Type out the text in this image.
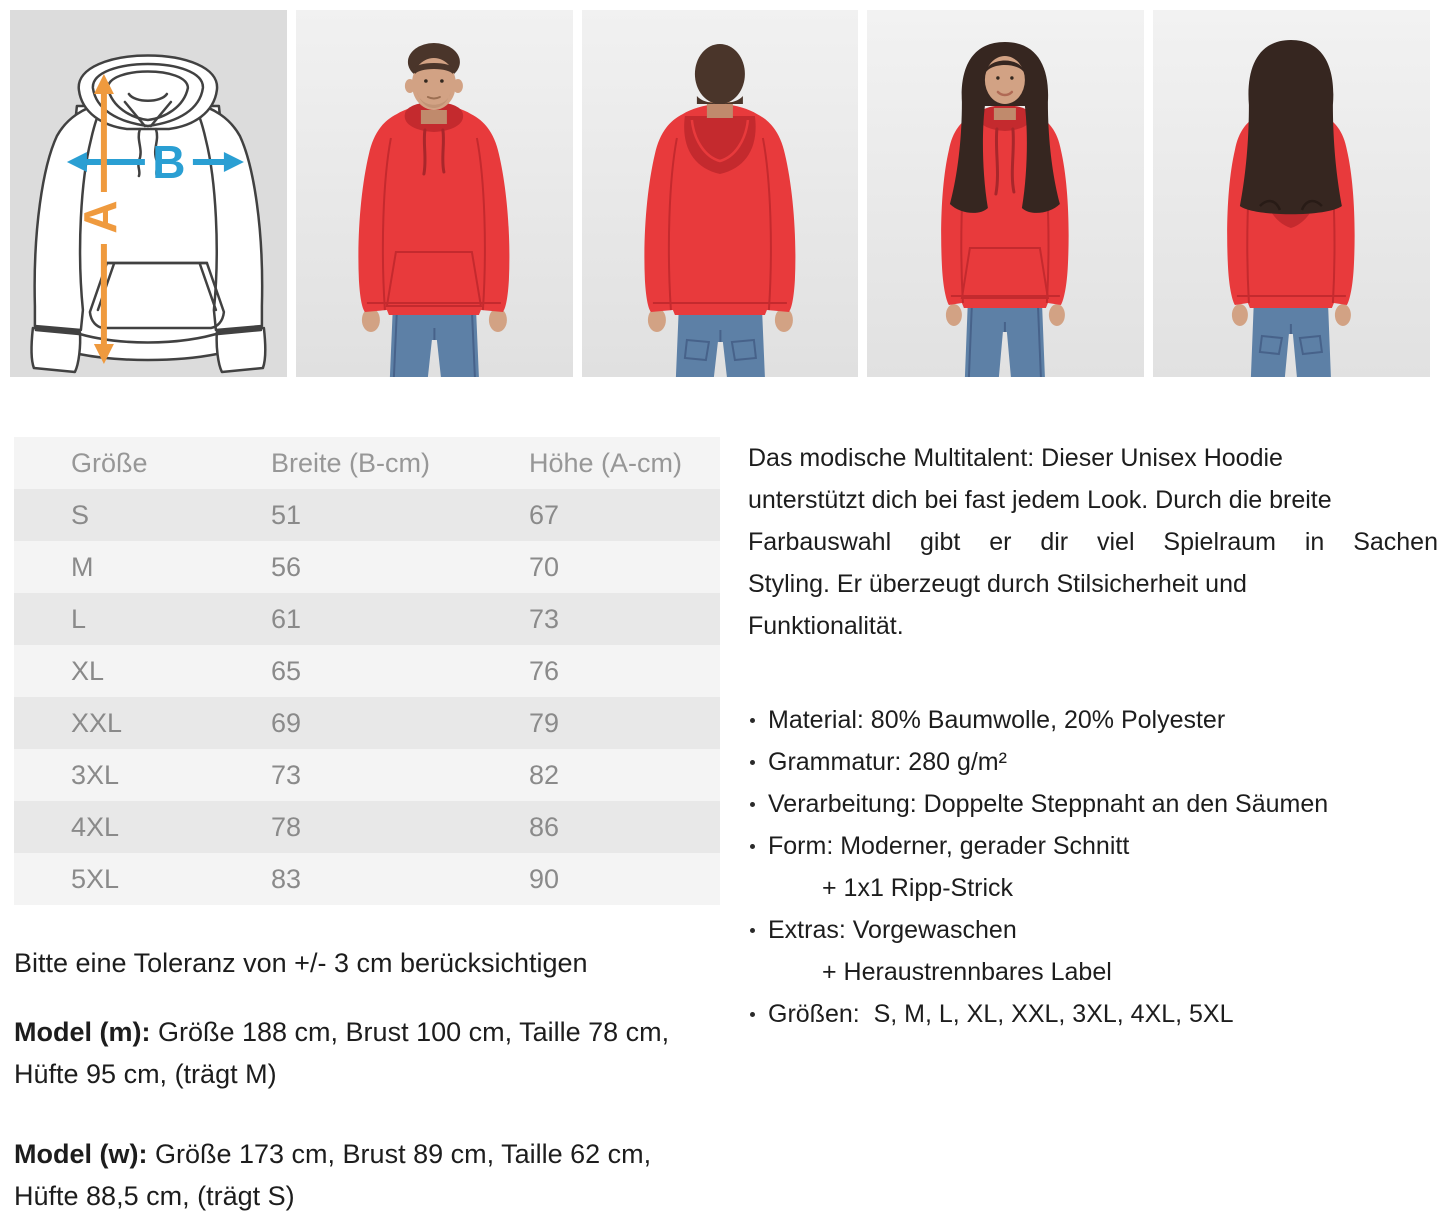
B
A
Größe	Breite (B-cm)	Höhe (A-cm)
S	51	67
M	56	70
L	61	73
XL	65	76
XXL	69	79
3XL	73	82
4XL	78	86
5XL	83	90

Bitte eine Toleranz von +/- 3 cm berücksichtigen

Model (m): Größe 188 cm, Brust 100 cm, Taille 78 cm, Hüfte 95 cm, (trägt M)

Model (w): Größe 173 cm, Brust 89 cm, Taille 62 cm, Hüfte 88,5 cm, (trägt S)

Das modische Multitalent: Dieser Unisex Hoodie
unterstützt dich bei fast jedem Look. Durch die breite
Farbauswahl gibt er dir viel Spielraum in Sachen
Styling. Er überzeugt durch Stilsicherheit und
Funktionalität.
Material: 80% Baumwolle, 20% Polyester
Grammatur: 280 g/m²
Verarbeitung: Doppelte Steppnaht an den Säumen
Form: Moderner, gerader Schnitt
+ 1x1 Ripp-Strick
Extras: Vorgewaschen
+ Heraustrennbares Label
Größen:  S, M, L, XL, XXL, 3XL, 4XL, 5XL
